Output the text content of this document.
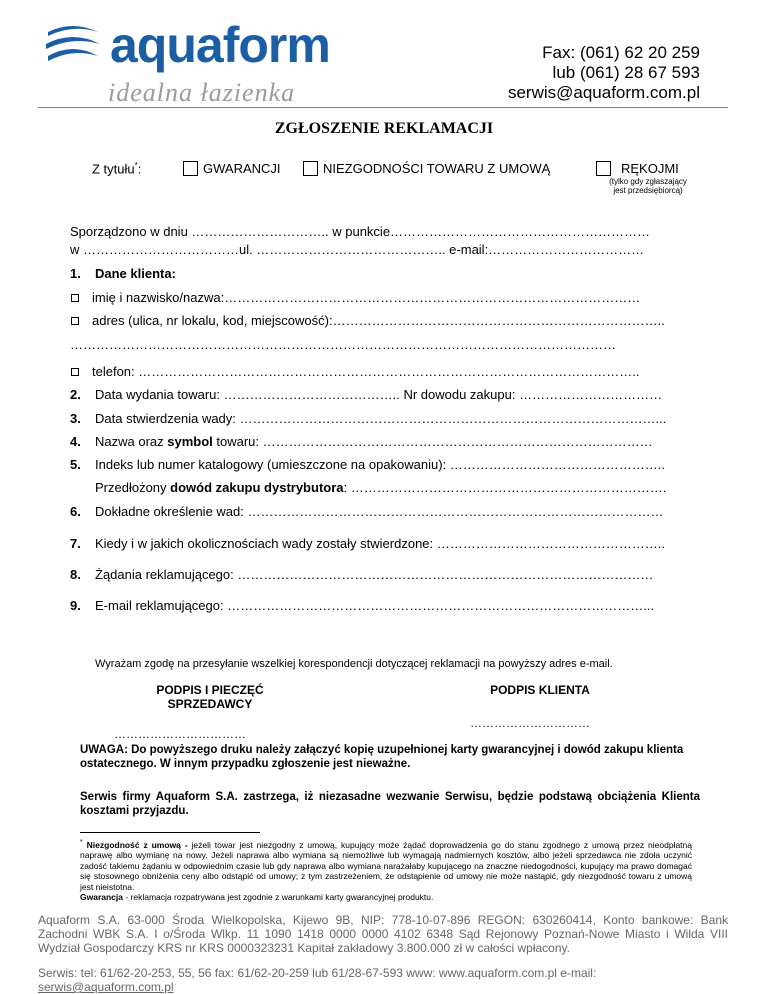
aquaform
idealna łazienka
Fax: (061) 62 20 259
lub (061) 28 67 593
serwis@aquaform.com.pl
ZGŁOSZENIE REKLAMACJI
Z tytułu*:	GWARANCJI	NIEZGODNOŚCI TOWARU Z UMOWĄ	RĘKOJMI
(tylko gdy zgłaszający
jest przedsiębiorcą)
Sporządzono w dniu ………………………….. w punkcie……………………………………………………
w ………………………………ul. …………………………………….. e-mail:………………………………
1. Dane klienta:
imię i nazwisko/nazwa:……………………………………………………………………………………
adres (ulica, nr lokalu, kod, miejscowość):…………………………………………………………………..
………………………………………………………………………………………………………………
telefon: ……………………………………………………………………………………………………..
2. Data wydania towaru: ………………………………….. Nr dowodu zakupu: ……………………………
3. Data stwierdzenia wady: ……………………………………………………………………………………...
4. Nazwa oraz symbol towaru: ………………………………………………………………………………
5. Indeks lub numer katalogowy (umieszczone na opakowaniu): …………………………………………..
Przedłożony dowód zakupu dystrybutora: ……………………………………………………………….
6. Dokładne określenie wad: ……………………………………………………………………………………
7. Kiedy i w jakich okolicznościach wady zostały stwierdzone: ……………………………………………..
8. Żądania reklamującego: ……………………………………………………………………………………
9. E-mail reklamującego: ……………………………………………………………………………………...
Wyrażam zgodę na przesyłanie wszelkiej korespondencji dotyczącej reklamacji na powyższy adres e-mail.
PODPIS I PIECZĘĆ
SPRZEDAWCY
PODPIS KLIENTA
……………………………
…………………………
UWAGA: Do powyższego druku należy załączyć kopię uzupełnionej karty gwarancyjnej i dowód zakupu klienta ostatecznego. W innym przypadku zgłoszenie jest nieważne.
Serwis firmy Aquaform S.A. zastrzega, iż niezasadne wezwanie Serwisu, będzie podstawą obciążenia Klienta kosztami przyjazdu.
* Niezgodność z umową - jeżeli towar jest niezgodny z umową, kupujący może żądać doprowadzenia go do stanu zgodnego z umową przez nieodpłatną naprawę albo wymianę na nowy. Jeżeli naprawa albo wymiana są niemożliwe lub wymagają nadmiernych kosztów, albo jeżeli sprzedawca nie zdoła uczynić zadość takiemu żądaniu w odpowiednim czasie lub gdy naprawa albo wymiana narażałaby kupującego na znaczne niedogodności, kupujący ma prawo domagać się stosownego obniżenia ceny albo odstąpić od umowy; z tym zastrzeżeniem, że odstąpienie od umowy nie może nastąpić, gdy niezgodność towaru z umową jest nieistotna.
Gwarancja - reklamacja rozpatrywana jest zgodnie z warunkami karty gwarancyjnej produktu.
Aquaform S.A. 63-000 Środa Wielkopolska, Kijewo 9B, NIP: 778-10-07-896 REGON: 630260414, Konto bankowe: Bank Zachodni WBK S.A. I o/Środa Wlkp. 11 1090 1418 0000 0000 4102 6348 Sąd Rejonowy Poznań-Nowe Miasto i Wilda VIII Wydział Gospodarczy KRS nr KRS 0000323231 Kapitał zakładowy 3.800.000 zł w całości wpłacony.
Serwis: tel: 61/62-20-253, 55, 56 fax: 61/62-20-259 lub 61/28-67-593 www: www.aquaform.com.pl e-mail: serwis@aquaform.com.pl
